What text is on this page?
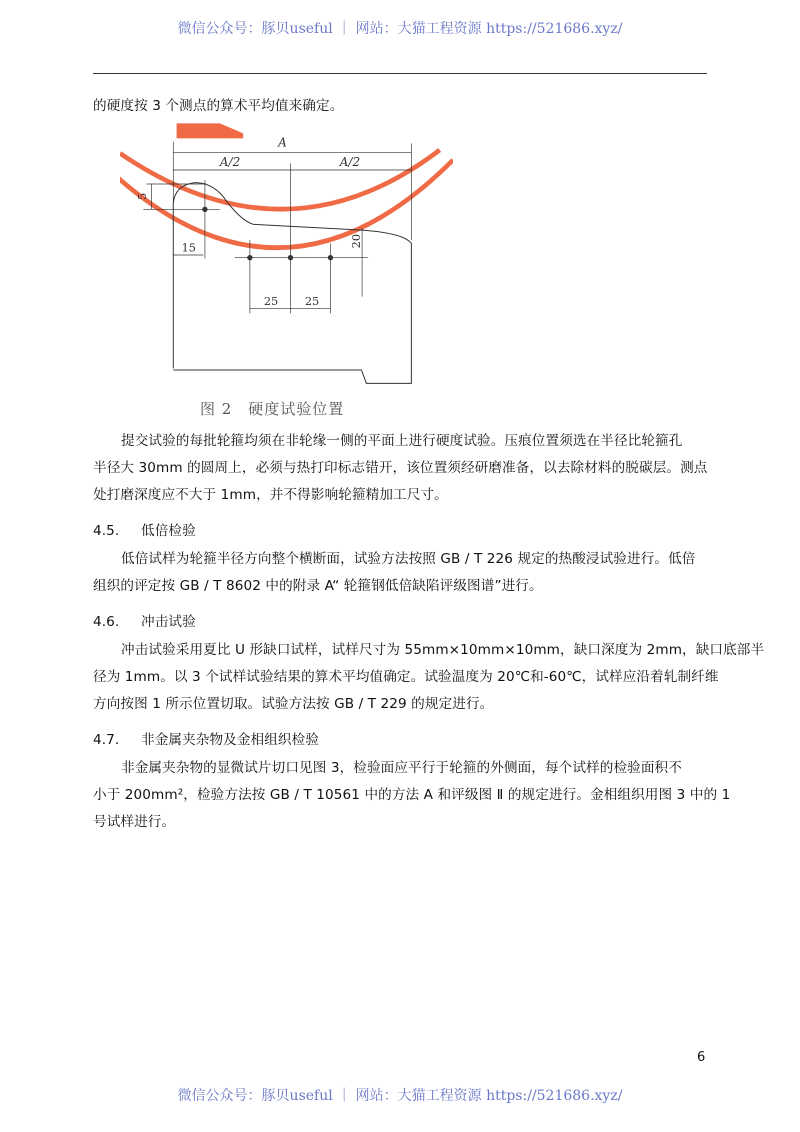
微信公众号：豚贝useful ｜ 网站：大猫工程资源 https://521686.xyz/
的硬度按 3 个测点的算术平均值来确定。
A
A/2	A/2
15
25 25
20
5
图 2　硬度试验位置
提交试验的每批轮箍均须在非轮缘一侧的平面上进行硬度试验。压痕位置须选在半径比轮箍孔
半径大 30mm 的圆周上，必须与热打印标志错开，该位置须经研磨准备，以去除材料的脱碳层。测点
处打磨深度应不大于 1mm，并不得影响轮箍精加工尺寸。
4.5. 低倍检验
低倍试样为轮箍半径方向整个横断面，试验方法按照 GB / T 226 规定的热酸浸试验进行。低倍
组织的评定按 GB / T 8602 中的附录 A“ 轮箍钢低倍缺陷评级图谱”进行。
4.6. 冲击试验
冲击试验采用夏比 U 形缺口试样，试样尺寸为 55mm×10mm×10mm，缺口深度为 2mm，缺口底部半
径为 1mm。以 3 个试样试验结果的算术平均值确定。试验温度为 20℃和-60℃，试样应沿着轧制纤维
方向按图 1 所示位置切取。试验方法按 GB / T 229 的规定进行。
4.7. 非金属夹杂物及金相组织检验
非金属夹杂物的显微试片切口见图 3，检验面应平行于轮箍的外侧面，每个试样的检验面积不
小于 200mm²，检验方法按 GB / T 10561 中的方法 A 和评级图 Ⅱ 的规定进行。金相组织用图 3 中的 1
号试样进行。
6
微信公众号：豚贝useful ｜ 网站：大猫工程资源 https://521686.xyz/
